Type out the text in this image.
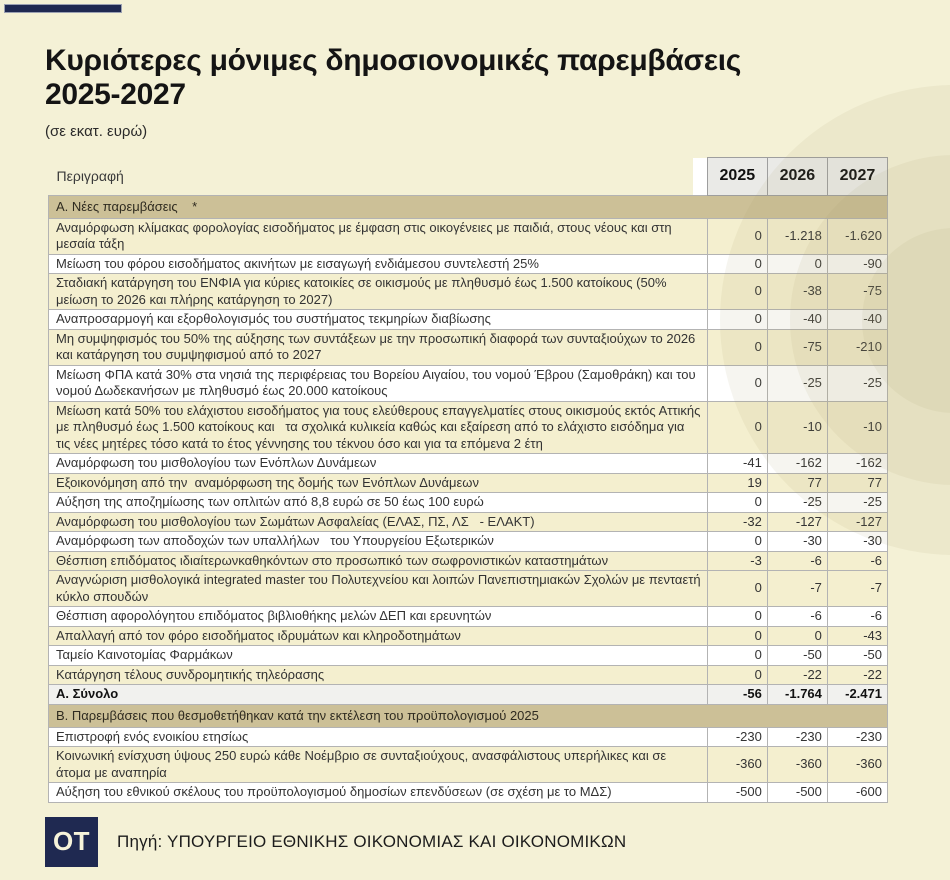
Κυριότερες μόνιμες δημοσιονομικές παρεμβάσεις
2025-2027
(σε εκατ. ευρώ)
Περιγραφή	2025	2026	2027
Α. Νέες παρεμβάσεις    *			
Αναμόρφωση κλίμακας φορολογίας εισοδήματος με έμφαση στις οικογένειες με παιδιά, στους νέους και στη μεσαία τάξη	0	-1.218	-1.620
Μείωση του φόρου εισοδήματος ακινήτων με εισαγωγή ενδιάμεσου συντελεστή 25%	0	0	-90
Σταδιακή κατάργηση του ΕΝΦΙΑ για κύριες κατοικίες σε οικισμούς με πληθυσμό έως 1.500 κατοίκους (50% μείωση το 2026 και πλήρης κατάργηση το 2027)	0	-38	-75
Αναπροσαρμογή και εξορθολογισμός του συστήματος τεκμηρίων διαβίωσης	0	-40	-40
Μη συμψηφισμός του 50% της αύξησης των συντάξεων με την προσωπική διαφορά των συνταξιούχων το 2026 και κατάργηση του συμψηφισμού από το 2027	0	-75	-210
Μείωση ΦΠΑ κατά 30% στα νησιά της περιφέρειας του Βορείου Αιγαίου, του νομού Έβρου (Σαμοθράκη) και του νομού Δωδεκανήσων με πληθυσμό έως 20.000 κατοίκους	0	-25	-25
Μείωση κατά 50% του ελάχιστου εισοδήματος για τους ελεύθερους επαγγελματίες στους οικισμούς εκτός Αττικής με πληθυσμό έως 1.500 κατοίκους και   τα σχολικά κυλικεία καθώς και εξαίρεση από το ελάχιστο εισόδημα για τις νέες μητέρες τόσο κατά το έτος γέννησης του τέκνου όσο και για τα επόμενα 2 έτη	0	-10	-10
Αναμόρφωση του μισθολογίου των Ενόπλων Δυνάμεων	-41	-162	-162
Εξοικονόμηση από την  αναμόρφωση της δομής των Ενόπλων Δυνάμεων	19	77	77
Αύξηση της αποζημίωσης των οπλιτών από 8,8 ευρώ σε 50 έως 100 ευρώ	0	-25	-25
Αναμόρφωση του μισθολογίου των Σωμάτων Ασφαλείας (ΕΛΑΣ, ΠΣ, ΛΣ   - ΕΛΑΚΤ)	-32	-127	-127
Αναμόρφωση των αποδοχών των υπαλλήλων   του Υπουργείου Εξωτερικών	0	-30	-30
Θέσπιση επιδόματος ιδιαίτερωνκαθηκόντων στο προσωπικό των σωφρονιστικών καταστημάτων	-3	-6	-6
Αναγνώριση μισθολογικά integrated master του Πολυτεχνείου και λοιπών Πανεπιστημιακών Σχολών με πενταετή κύκλο σπουδών	0	-7	-7
Θέσπιση αφορολόγητου επιδόματος βιβλιοθήκης μελών ΔΕΠ και ερευνητών	0	-6	-6
Απαλλαγή από τον φόρο εισοδήματος ιδρυμάτων και κληροδοτημάτων	0	0	-43
Ταμείο Καινοτομίας Φαρμάκων	0	-50	-50
Κατάργηση τέλους συνδρομητικής τηλεόρασης	0	-22	-22
Α. Σύνολο	-56	-1.764	-2.471
Β. Παρεμβάσεις που θεσμοθετήθηκαν κατά την εκτέλεση του προϋπολογισμού 2025			
Επιστροφή ενός ενοικίου ετησίως	-230	-230	-230
Κοινωνική ενίσχυση ύψους 250 ευρώ κάθε Νοέμβριο σε συνταξιούχους, ανασφάλιστους υπερήλικες και σε άτομα με αναπηρία	-360	-360	-360
Αύξηση του εθνικού σκέλους του προϋπολογισμού δημοσίων επενδύσεων (σε σχέση με το ΜΔΣ)	-500	-500	-600
OT	Πηγή: ΥΠΟΥΡΓΕΙΟ ΕΘΝΙΚΗΣ ΟΙΚΟΝΟΜΙΑΣ ΚΑΙ ΟΙΚΟΝΟΜΙΚΩΝ
